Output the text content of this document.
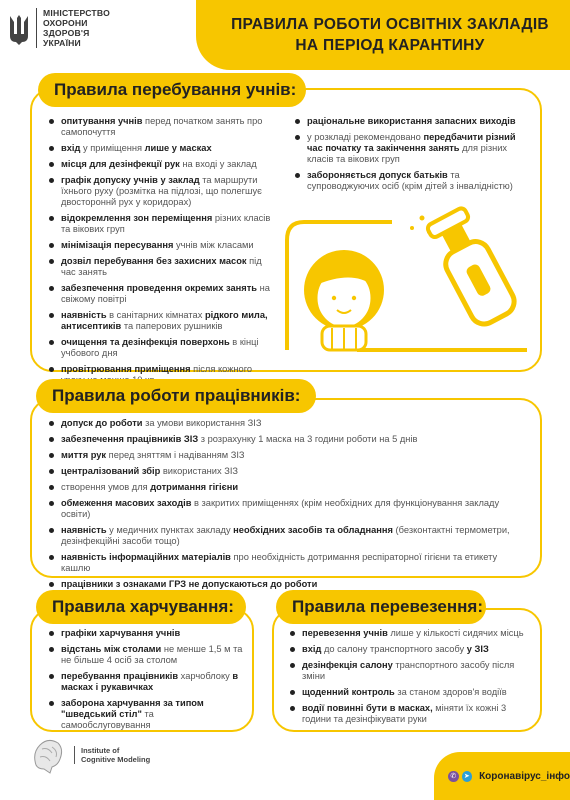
МІНІСТЕРСТВО
ОХОРОНИ
ЗДОРОВ'Я
УКРАЇНИ
ПРАВИЛА РОБОТИ ОСВІТНІХ ЗАКЛАДІВ
НА ПЕРІОД КАРАНТИНУ
Правила перебування учнів:
опитування учнів перед початком занять про самопочуття
вхід у приміщення лише у масках
місця для дезінфекції рук на вході у заклад
графік допуску учнів у заклад та маршрути їхнього руху (розмітка на підлозі, що полегшує двостороннй рух у коридорах)
відокремлення зон переміщення різних класів та вікових груп
мінімізація пересування учнів між класами
дозвіл перебування без захисних масок під час занять
забезпечення проведення окремих занять на свіжому повітрі
наявність в санітарних кімнатах рідкого мила, антисептиків та паперових рушників
очищення та дезінфекція поверхонь в кінці учбового дня
провітрювання приміщення після кожного
раціональне використання запасних виходів
у розкладі рекомендовано передбачити різний час початку та закінчення занять для різних класів та вікових груп
забороняється допуск батьків та супроводжуючих осіб (крім дітей з інвалідністю)
Правила роботи працівників:
допуск до роботи за умови використання ЗІЗ
забезпечення працівників ЗІЗ з розрахунку 1 маска на 3 години роботи на 5 днів
миття рук перед зняттям і надіванням ЗІЗ
централізований збір використаних ЗІЗ
створення умов для дотримання гігієни
обмеження масових заходів в закритих приміщеннях (крім необхідних для функціонування закладу освіти)
наявність у медичних пунктах закладу необхідних засобів та обладнання (безконтактні термометри, дезінфекційні засоби тощо)
наявність інформаційних матеріалів про необхідність дотримання респіраторної гігієни та етикету кашлю
працівники з ознаками ГРЗ не допускаються до роботи
Правила харчування:
графіки харчування учнів
відстань між столами не менше 1,5 м та не більше 4 осіб за столом
перебування працівників харчоблоку в масках і рукавичках
заборона харчування за типом "шведський стіл" та самообслуговування
Правила перевезення:
перевезення учнів лише у кількості сидячих місць
вхід до салону транспортного засобу у ЗІЗ
дезінфекція салону транспортного засобу після зміни
щоденний контроль за станом здоров'я водіїв
водії повинні бути в масках, міняти їх кожні 3 години та дезінфікувати руки
Institute of
Cognitive Modeling
✆	➤ Коронавірус_інфо
